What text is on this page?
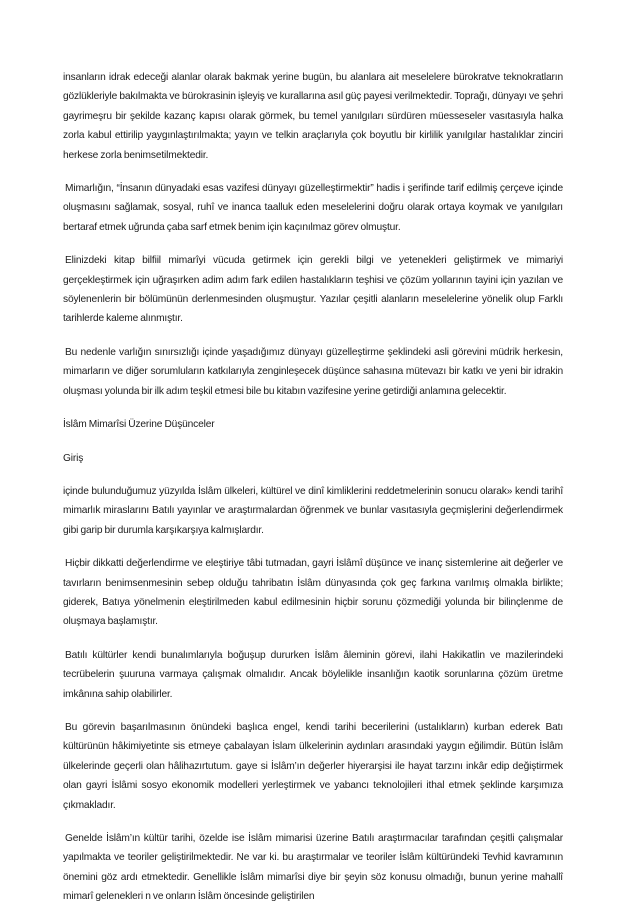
insanların idrak edeceği alanlar olarak bakmak yerine bugün, bu alanlara ait meselelere bürokratve teknokratların gözlükleriyle bakılmakta ve bürokrasinin işleyiş ve kurallarına asıl güç payesi verilmektedir. Toprağı, dünyayı ve şehri gayrimeşru bir şekilde kazanç kapısı olarak görmek, bu temel yanılgıları sürdüren müesseseler vasıtasıyla halka zorla kabul ettirilip yaygınlaştırılmakta; yayın ve telkin araçlarıyla çok boyutlu bir kirlilik yanılgılar hastalıklar zinciri herkese zorla benimsetilmektedir.

Mimarlığın, “İnsanın dünyadaki esas vazifesi dünyayı güzelleştirmektir” hadis i şerifinde tarif edilmiş çerçeve içinde oluşmasını sağlamak, sosyal, ruhî ve inanca taalluk eden meselelerini doğru olarak ortaya koymak ve yanılgıları bertaraf etmek uğrunda çaba sarf etmek benim için kaçınılmaz görev olmuştur.

Elinizdeki kitap bilfiil mimarîyi vücuda getirmek için gerekli bilgi ve yetenekleri geliştirmek ve mimariyi gerçekleştirmek için uğraşırken adim adım fark edilen hastalıkların teşhisi ve çözüm yollarının tayini için yazılan ve söylenenlerin bir bölümünün derlenmesinden oluşmuştur. Yazılar çeşitli alanların meselelerine yönelik olup Farklı tarihlerde kaleme alınmıştır.

Bu nedenle varlığın sınırsızlığı içinde yaşadığımız dünyayı güzelleştirme şeklindeki asli görevini müdrik herkesin, mimarların ve diğer sorumluların katkılarıyla zenginleşecek düşünce sahasına mütevazı bir katkı ve yeni bir idrakin oluşması yolunda bir ilk adım teşkil etmesi bile bu kitabın vazifesine yerine getirdiği anlamına gelecektir.

İslâm Mimarîsi Üzerine Düşünceler

Giriş

içinde bulunduğumuz yüzyılda İslâm ülkeleri, kültürel ve dinî kimliklerini reddetmelerinin sonucu olarak» kendi tarihî mimarlık miraslarını Batılı yayınlar ve araştırmalardan öğrenmek ve bunlar vasıtasıyla geçmişlerini değerlendirmek gibi garip bir durumla karşıkarşıya kalmışlardır.

Hiçbir dikkatti değerlendirme ve eleştiriye tâbi tutmadan, gayri İslâmî düşünce ve inanç sistemlerine ait değerler ve tavırların benimsenmesinin sebep olduğu tahribatın İslâm dünyasında çok geç farkına varılmış olmakla birlikte; giderek, Batıya yönelmenin eleştirilmeden kabul edilmesinin hiçbir sorunu çözmediği yolunda bir bilinçlenme de oluşmaya başlamıştır.

Batılı kültürler kendi bunalımlarıyla boğuşup dururken İslâm âleminin görevi, ilahi Hakikatlin ve mazilerindeki tecrübelerin şuuruna varmaya çalışmak olmalıdır. Ancak böylelikle insanlığın kaotik sorunlarına çözüm üretme imkânına sahip olabilirler.

Bu görevin başarılmasının önündeki başlıca engel, kendi tarihi becerilerini (ustalıkların) kurban ederek Batı kültürünün hâkimiyetinte sis etmeye çabalayan İslam ülkelerinin aydınları arasındaki yaygın eğilimdir. Bütün İslâm ülkelerinde geçerli olan hâlihazırtutum. gaye si İslâm’ın değerler hiyerarşisi ile hayat tarzını inkâr edip değiştirmek olan gayri İslâmi sosyo ekonomik modelleri yerleştirmek ve yabancı teknolojileri ithal etmek şeklinde karşımıza çıkmakladır.

Genelde İslâm’ın kültür tarihi, özelde ise İslâm mimarisi üzerine Batılı araştırmacılar tarafından çeşitli çalışmalar yapılmakta ve teoriler geliştirilmektedir. Ne var ki. bu araştırmalar ve teoriler İslâm kültüründeki Tevhid kavramının önemini göz ardı etmektedir. Genellikle İslâm mimarîsi diye bir şeyin söz konusu olmadığı, bunun yerine mahallî mimarî gelenekleri n ve onların İslâm öncesinde geliştirilen
